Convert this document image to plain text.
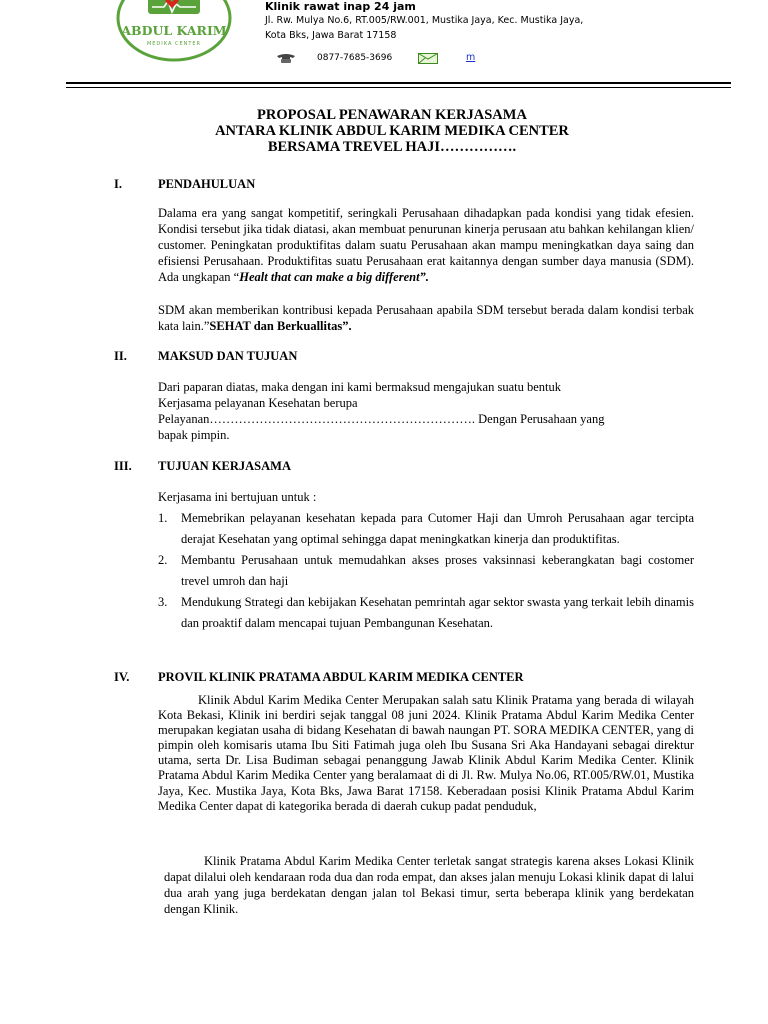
ABDUL KARIM
MEDIKA CENTER
Klinik rawat inap 24 jam
Jl. Rw. Mulya No.6, RT.005/RW.001, Mustika Jaya, Kec. Mustika Jaya,
Kota Bks, Jawa Barat 17158
0877-7685-3696	m
PROPOSAL PENAWARAN KERJASAMA
ANTARA KLINIK ABDUL KARIM MEDIKA CENTER
BERSAMA TREVEL HAJI…………….
I.	PENDAHULUAN
Dalama era yang sangat kompetitif, seringkali Perusahaan dihadapkan pada kondisi yang tidak efesien. Kondisi tersebut jika tidak diatasi, akan membuat penurunan kinerja perusaan atu bahkan kehilangan klien/ customer. Peningkatan produktifitas dalam suatu Perusahaan akan mampu meningkatkan daya saing dan efisiensi Perusahaan. Produktifitas suatu Perusahaan erat kaitannya dengan sumber daya manusia (SDM). Ada ungkapan “Healt that can make a big different”.
SDM akan memberikan kontribusi kepada Perusahaan apabila SDM tersebut berada dalam kondisi terbak kata lain.”SEHAT dan Berkuallitas”.
II. MAKSUD DAN TUJUAN
Dari paparan diatas, maka dengan ini kami bermaksud mengajukan suatu bentuk
Kerjasama pelayanan Kesehatan berupa
Pelayanan………………………………………………………. Dengan Perusahaan yang
bapak pimpin.
III. TUJUAN KERJASAMA
Kerjasama ini bertujuan untuk :
1. Memebrikan pelayanan kesehatan kepada para Cutomer Haji dan Umroh Perusahaan agar tercipta derajat Kesehatan yang optimal sehingga dapat meningkatkan kinerja dan produktifitas.
2. Membantu Perusahaan untuk memudahkan akses proses vaksinnasi keberangkatan bagi costomer trevel umroh dan haji
3. Mendukung Strategi dan kebijakan Kesehatan pemrintah agar sektor swasta yang terkait lebih dinamis dan proaktif dalam mencapai tujuan Pembangunan Kesehatan.
IV. PROVIL KLINIK PRATAMA ABDUL KARIM MEDIKA CENTER
Klinik Abdul Karim Medika Center Merupakan salah satu Klinik Pratama yang berada di wilayah Kota Bekasi, Klinik ini berdiri sejak tanggal 08 juni 2024. Klinik Pratama Abdul Karim Medika Center merupakan kegiatan usaha di bidang Kesehatan di bawah naungan PT. SORA MEDIKA CENTER, yang di pimpin oleh komisaris utama Ibu Siti Fatimah juga oleh Ibu Susana Sri Aka Handayani sebagai direktur utama, serta Dr. Lisa Budiman sebagai penanggung Jawab Klinik Abdul Karim Medika Center. Klinik Pratama Abdul Karim Medika Center yang beralamaat di di Jl. Rw. Mulya No.06, RT.005/RW.01, Mustika Jaya, Kec. Mustika Jaya, Kota Bks, Jawa Barat 17158. Keberadaan posisi Klinik Pratama Abdul Karim Medika Center dapat di kategorika berada di daerah cukup padat penduduk,
Klinik Pratama Abdul Karim Medika Center terletak sangat strategis karena akses Lokasi Klinik dapat dilalui oleh kendaraan roda dua dan roda empat, dan akses jalan menuju Lokasi klinik dapat di lalui dua arah yang juga berdekatan dengan jalan tol Bekasi timur, serta beberapa klinik yang berdekatan dengan Klinik.
